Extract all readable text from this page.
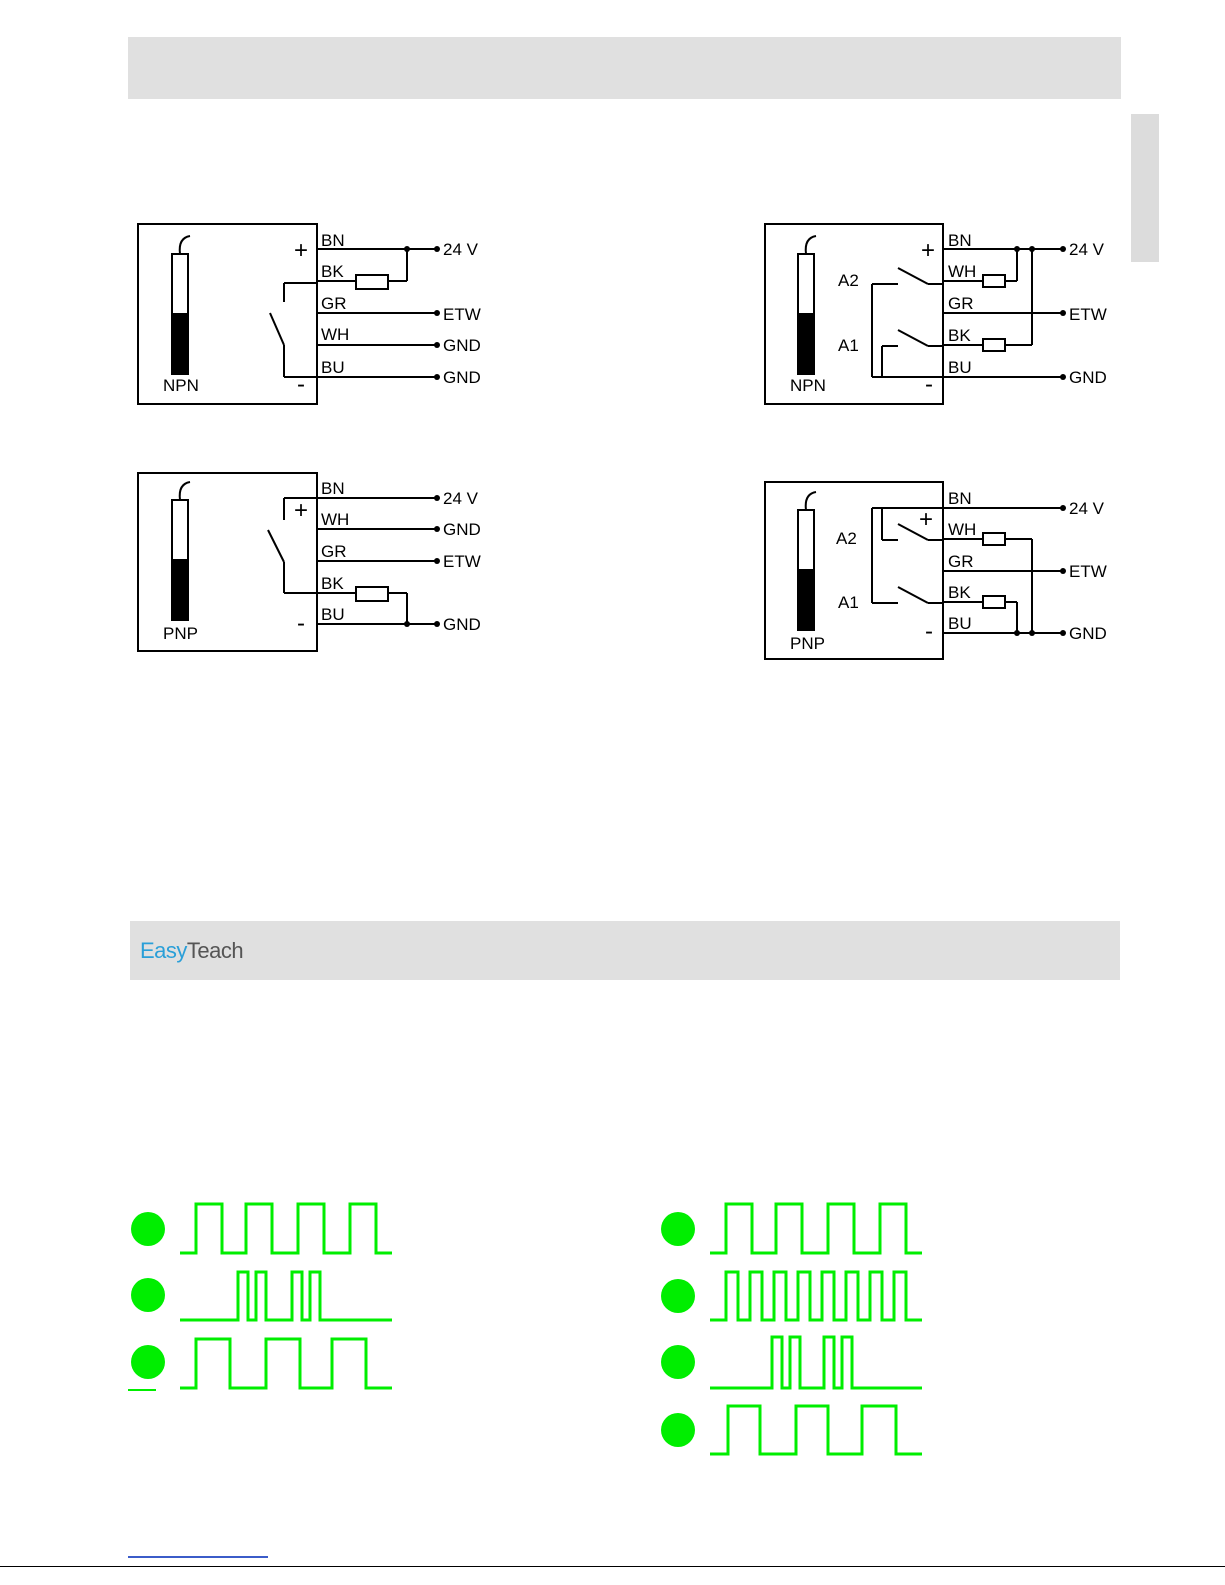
NPN
+
-
BN
BK
GR
WH
BU
24 V
ETW
GND
GND
PNP
+
-
BN
WH
GR
BK
BU
24 V
GND
ETW
GND
NPN
+
-
A2
A1
BN
WH
GR
BK
BU
24 V
ETW
GND
PNP
+
-
A2
A1
BN
WH
GR
BK
BU
24 V
ETW
GND
EasyTeach
